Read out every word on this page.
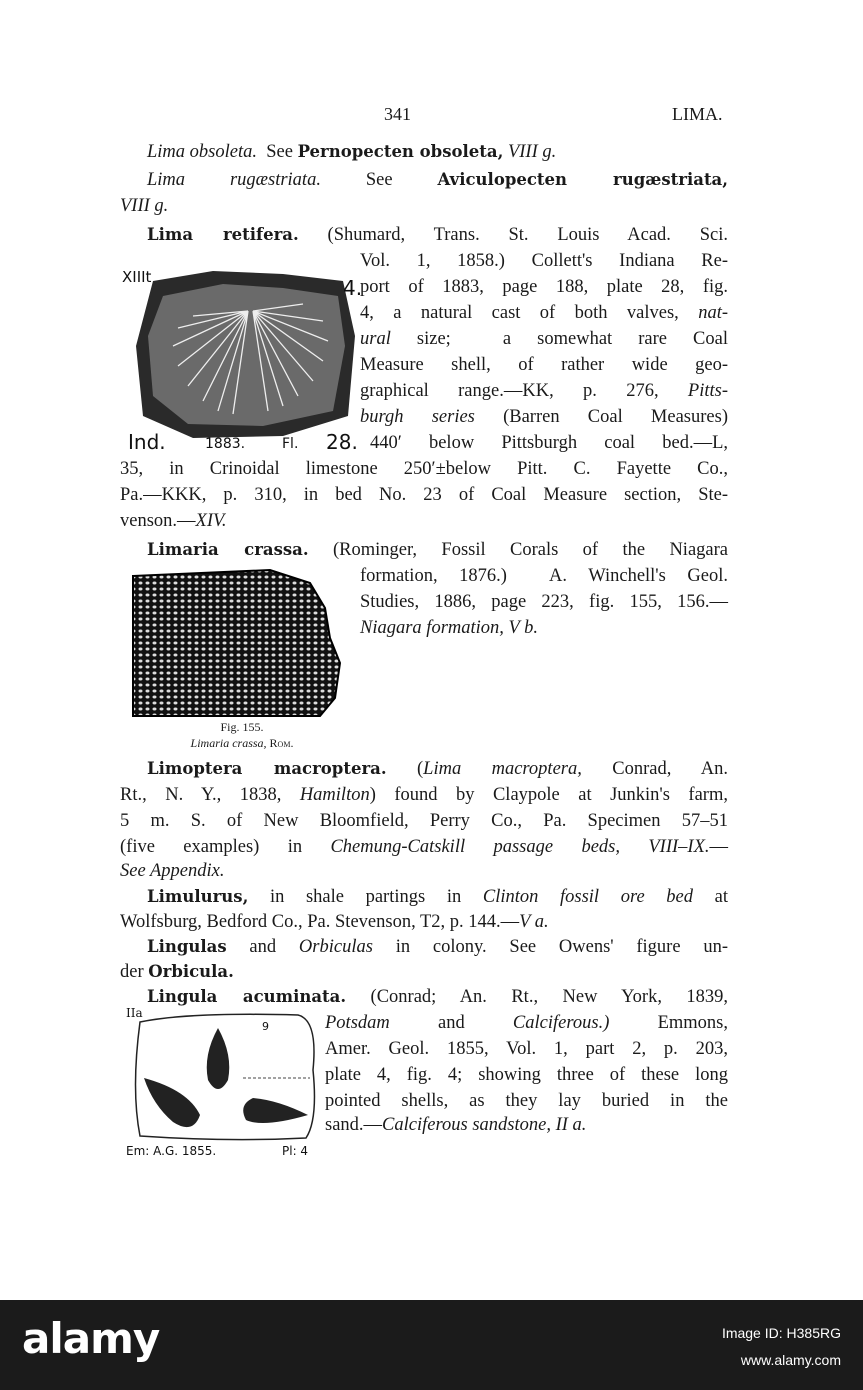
341	LIMA.
Lima obsoleta.  See Pernopecten obsoleta, VIII g.
Lima rugæstriata. See Aviculopecten rugæstriata,
VIII g.
Lima retifera. (Shumard, Trans. St. Louis Acad. Sci.
Vol. 1, 1858.) Collett's Indiana Re-
port of 1883, page 188, plate 28, fig.
4, a natural cast of both valves, nat-
ural size;  a somewhat rare Coal
Measure shell, of rather wide geo-
graphical range.—KK, p. 276, Pitts-
burgh series (Barren Coal Measures)
440′ below Pittsburgh coal bed.—L,
35, in Crinoidal limestone 250′±below Pitt. C. Fayette Co.,
Pa.—KKK, p. 310, in bed No. 23 of Coal Measure section, Ste-
venson.—XIV.
Limaria crassa. (Rominger, Fossil Corals of the Niagara
formation, 1876.)  A. Winchell's Geol.
Studies, 1886, page 223, fig. 155, 156.—
Niagara formation, V b.
Limoptera macroptera. (Lima macroptera, Conrad, An.
Rt., N. Y., 1838, Hamilton) found by Claypole at Junkin's farm,
5 m. S. of New Bloomfield, Perry Co., Pa. Specimen 57–51
(five examples) in Chemung-Catskill passage beds, VIII–IX.—
See Appendix.
Limulurus, in shale partings in Clinton fossil ore bed at
Wolfsburg, Bedford Co., Pa. Stevenson, T2, p. 144.—V a.
Lingulas and Orbiculas in colony. See Owens' figure un-
der Orbicula.
Lingula acuminata. (Conrad; An. Rt., New York, 1839,
Potsdam and Calciferous.) Emmons,
Amer. Geol. 1855, Vol. 1, part 2, p. 203,
plate 4, fig. 4; showing three of these long
pointed shells, as they lay buried in the
sand.—Calciferous sandstone, II a.
XIIIt	4.
Ind.	1883.	Fl. 28.
Fig. 155.
Limaria crassa, Rom.
IIa
9
Em: A.G. 1855.	Pl: 4
alamy	Image ID: H385RG
www.alamy.com
